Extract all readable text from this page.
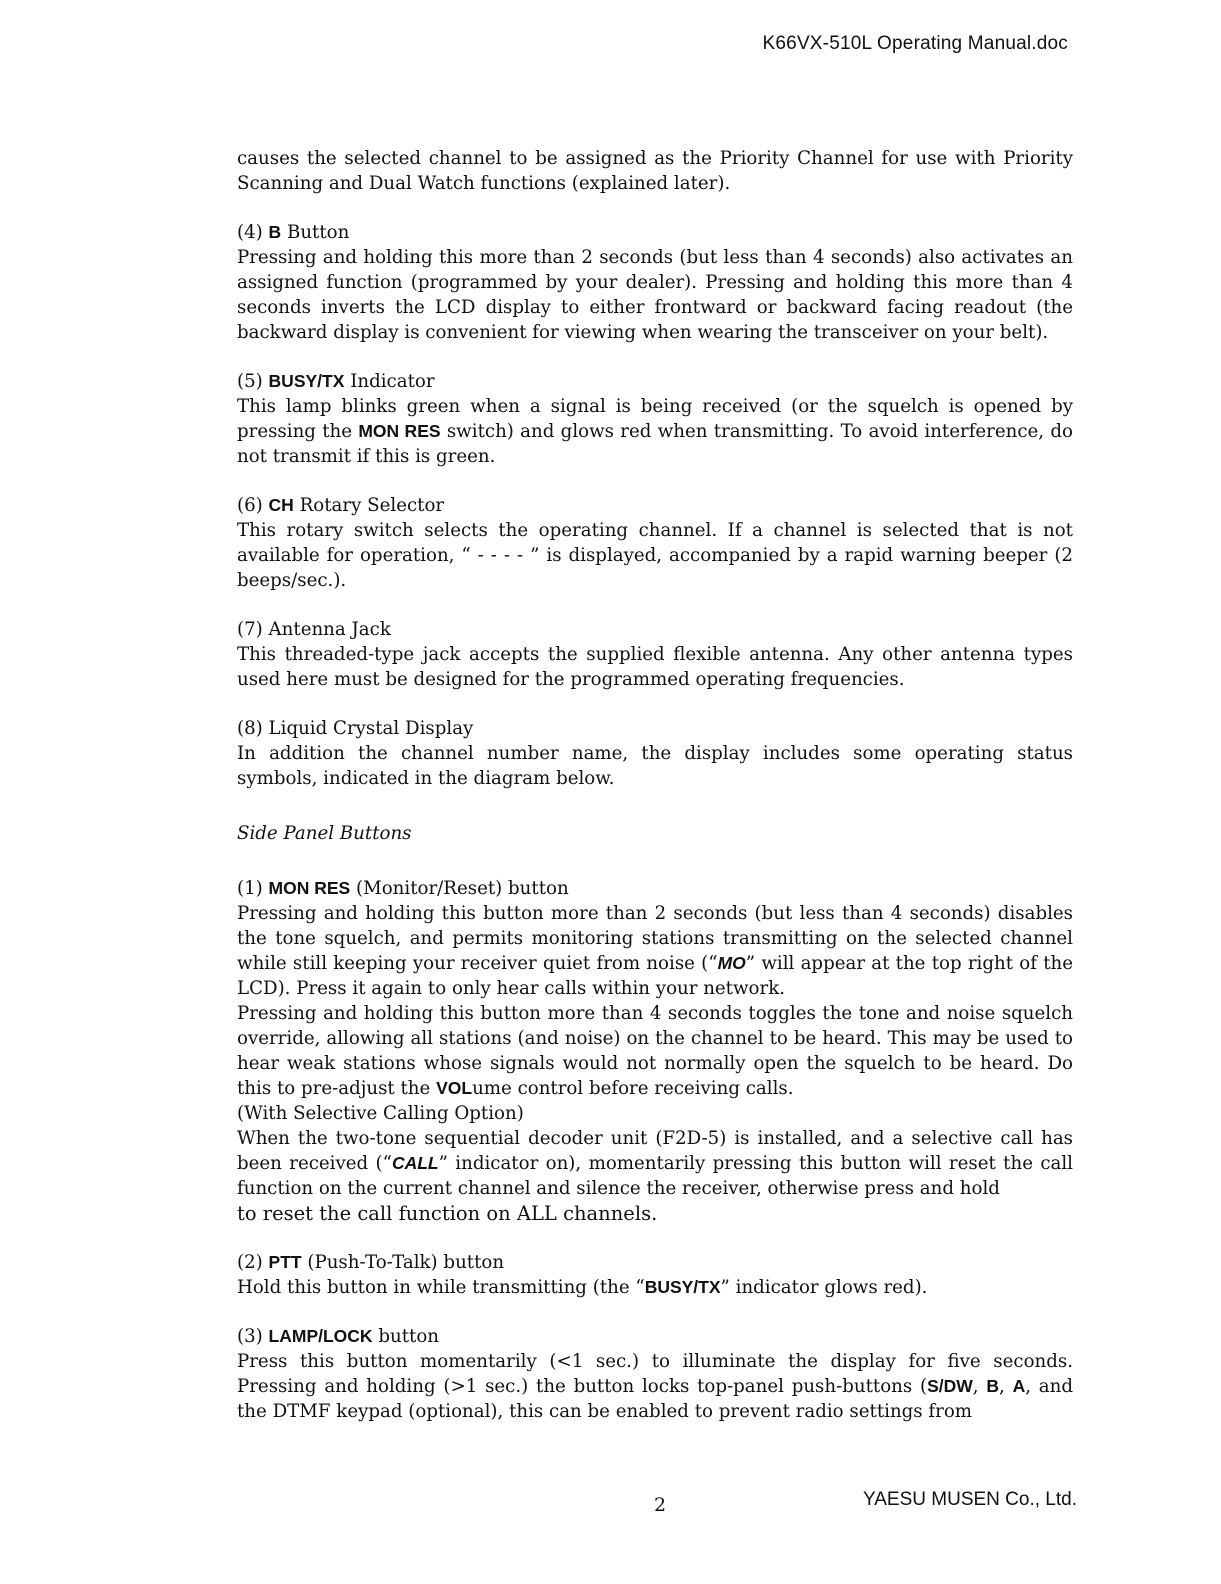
K66VX-510L Operating Manual.doc

causes the selected channel to be assigned as the Priority Channel for use with Priority Scanning and Dual Watch functions (explained later).

(4) B Button

Pressing and holding this more than 2 seconds (but less than 4 seconds) also activates an assigned function (programmed by your dealer). Pressing and holding this more than 4 seconds inverts the LCD display to either frontward or backward facing readout (the backward display is convenient for viewing when wearing the transceiver on your belt).

(5) BUSY/TX Indicator

This lamp blinks green when a signal is being received (or the squelch is opened by pressing the MON RES switch) and glows red when transmitting. To avoid interference, do not transmit if this is green.

(6) CH Rotary Selector

This rotary switch selects the operating channel. If a channel is selected that is not available for operation, “ - - - - ” is displayed, accompanied by a rapid warning beeper (2 beeps/sec.).

(7) Antenna Jack

This threaded-type jack accepts the supplied flexible antenna. Any other antenna types used here must be designed for the programmed operating frequencies.

(8) Liquid Crystal Display

In addition the channel number name, the display includes some operating status symbols, indicated in the diagram below.

Side Panel Buttons

(1) MON RES (Monitor/Reset) button

Pressing and holding this button more than 2 seconds (but less than 4 seconds) disables the tone squelch, and permits monitoring stations transmitting on the selected channel while still keeping your receiver quiet from noise (“MO” will appear at the top right of the LCD). Press it again to only hear calls within your network.

Pressing and holding this button more than 4 seconds toggles the tone and noise squelch override, allowing all stations (and noise) on the channel to be heard. This may be used to hear weak stations whose signals would not normally open the squelch to be heard. Do this to pre-adjust the VOLume control before receiving calls.

(With Selective Calling Option)

When the two-tone sequential decoder unit (F2D-5) is installed, and a selective call has been received (“CALL” indicator on), momentarily pressing this button will reset the call function on the current channel and silence the receiver, otherwise press and hold

to reset the call function on ALL channels.

(2) PTT (Push-To-Talk) button

Hold this button in while transmitting (the “BUSY/TX” indicator glows red).

(3) LAMP/LOCK button

Press this button momentarily (<1 sec.) to illuminate the display for five seconds. Pressing and holding (>1 sec.) the button locks top-panel push-buttons (S/DW, B, A, and the DTMF keypad (optional), this can be enabled to prevent radio settings from

2	YAESU MUSEN Co., Ltd.
